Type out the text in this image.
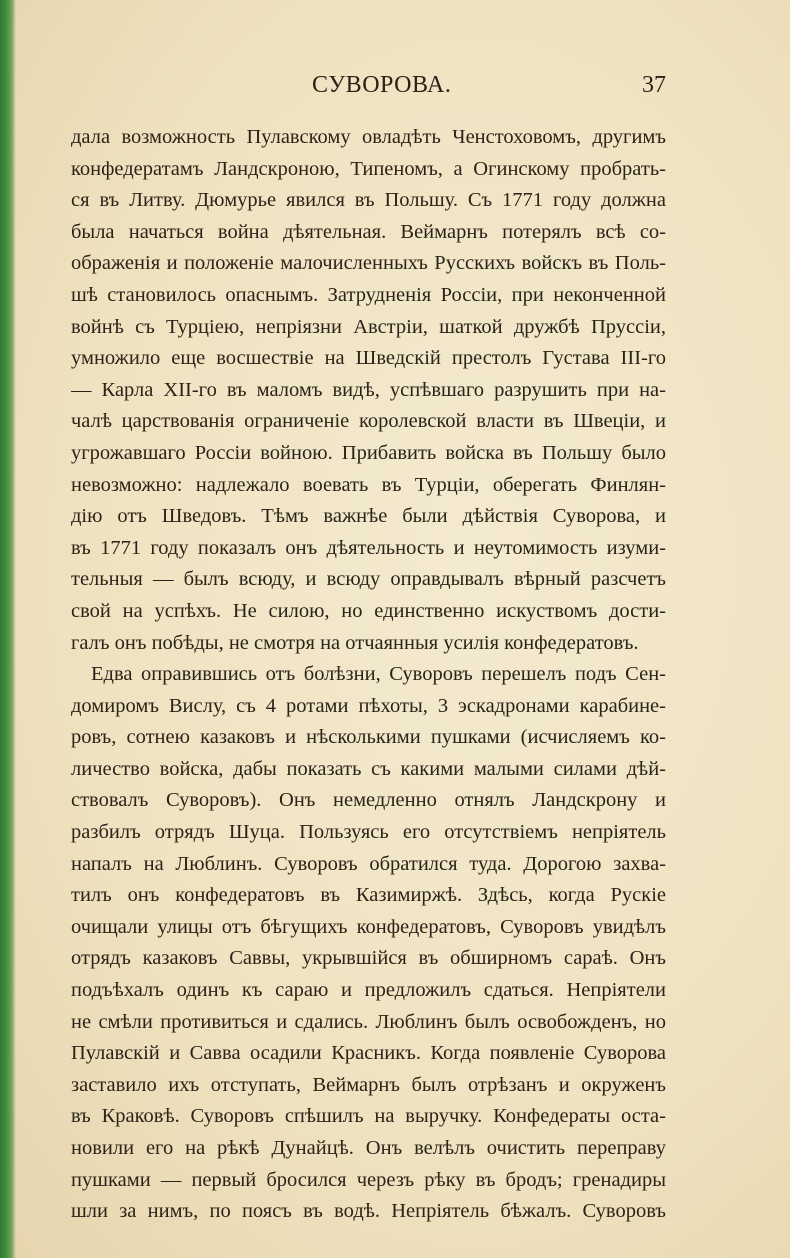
СУВОРОВА.	37
дала возможность Пулавскому овладѣть Ченстоховомъ, другимъ
конфедератамъ Ландскроною, Типеномъ, а Огинскому пробрать-
ся въ Литву. Дюмурье явился въ Польшу. Съ 1771 году должна
была начаться война дѣятельная. Веймарнъ потерялъ всѣ со-
ображенія и положеніе малочисленныхъ Русскихъ войскъ въ Поль-
шѣ становилось опаснымъ. Затрудненія Россіи, при неконченной
войнѣ съ Турціею, непріязни Австріи, шаткой дружбѣ Пруссіи,
умножило еще восшествіе на Шведскій престолъ Густава III-го
— Карла XII-го въ маломъ видѣ, успѣвшаго разрушить при на-
чалѣ царствованія ограниченіе королевской власти въ Швеціи, и
угрожавшаго Россіи войною. Прибавить войска въ Польшу было
невозможно: надлежало воевать въ Турціи, оберегать Финлян-
дію отъ Шведовъ. Тѣмъ важнѣе были дѣйствія Суворова, и
въ 1771 году показалъ онъ дѣятельность и неутомимость изуми-
тельныя — былъ всюду, и всюду оправдывалъ вѣрный разсчетъ
свой на успѣхъ. Не силою, но единственно искуствомъ дости-
галъ онъ побѣды, не смотря на отчаянныя усилія конфедератовъ.
Едва оправившись отъ болѣзни, Суворовъ перешелъ подъ Сен-
домиромъ Вислу, съ 4 ротами пѣхоты, 3 эскадронами карабине-
ровъ, сотнею казаковъ и нѣсколькими пушками (исчисляемъ ко-
личество войска, дабы показать съ какими малыми силами дѣй-
ствовалъ Суворовъ). Онъ немедленно отнялъ Ландскрону и
разбилъ отрядъ Шуца. Пользуясь его отсутствіемъ непріятель
напалъ на Люблинъ. Суворовъ обратился туда. Дорогою захва-
тилъ онъ конфедератовъ въ Казимиржѣ. Здѣсь, когда Рускіе
очищали улицы отъ бѣгущихъ конфедератовъ, Суворовъ увидѣлъ
отрядъ казаковъ Саввы, укрывшійся въ обширномъ сараѣ. Онъ
подъѣхалъ одинъ къ сараю и предложилъ сдаться. Непріятели
не смѣли противиться и сдались. Люблинъ былъ освобожденъ, но
Пулавскій и Савва осадили Красникъ. Когда появленіе Суворова
заставило ихъ отступать, Веймарнъ былъ отрѣзанъ и окруженъ
въ Краковѣ. Суворовъ спѣшилъ на выручку. Конфедераты оста-
новили его на рѣкѣ Дунайцѣ. Онъ велѣлъ очистить переправу
пушками — первый бросился черезъ рѣку въ бродъ; гренадиры
шли за нимъ, по поясъ въ водѣ. Непріятель бѣжалъ. Суворовъ
